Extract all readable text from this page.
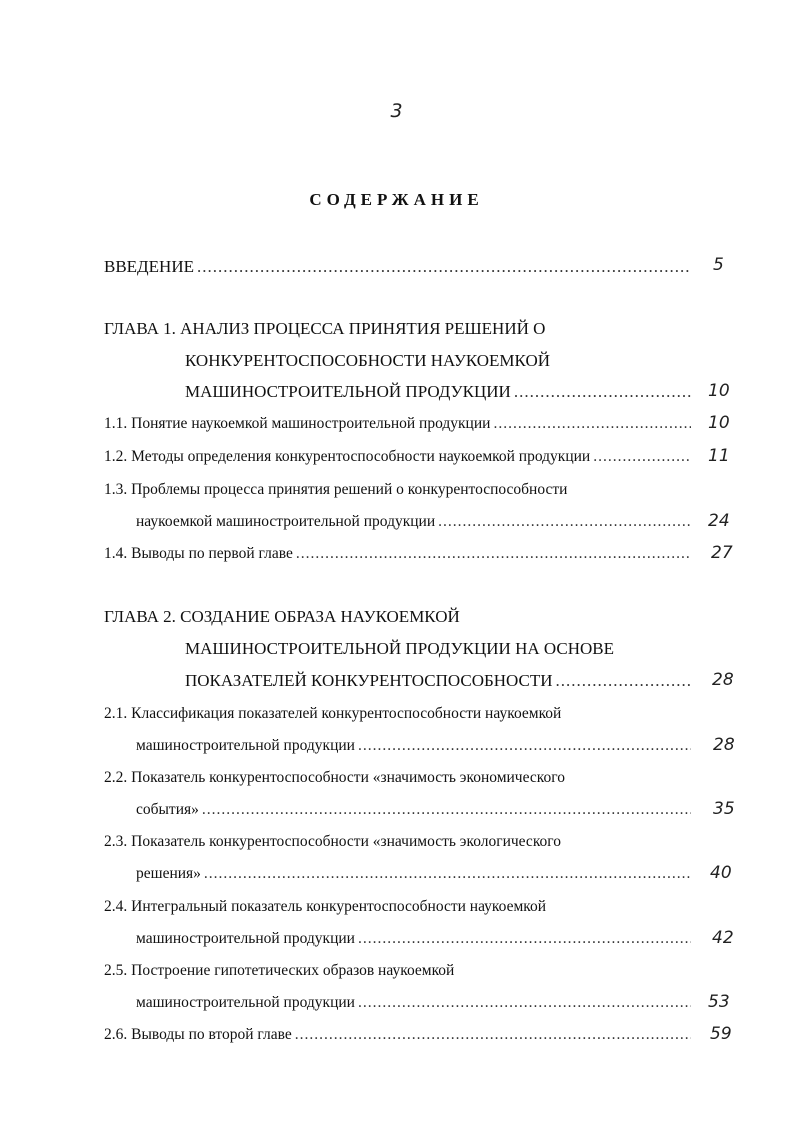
3
СОДЕРЖАНИЕ
ВВЕДЕНИЕ .....	5
ГЛАВА 1. АНАЛИЗ ПРОЦЕССА ПРИНЯТИЯ РЕШЕНИЙ О
КОНКУРЕНТОСПОСОБНОСТИ НАУКОЕМКОЙ
МАШИНОСТРОИТЕЛЬНОЙ ПРОДУКЦИИ .....	10
1.1. Понятие наукоемкой машиностроительной продукции .....	10
1.2. Методы определения конкурентоспособности наукоемкой продукции .....	11
1.3. Проблемы процесса принятия решений о конкурентоспособности
наукоемкой машиностроительной продукции .....	24
1.4. Выводы по первой главе .....	27
ГЛАВА 2. СОЗДАНИЕ ОБРАЗА НАУКОЕМКОЙ
МАШИНОСТРОИТЕЛЬНОЙ ПРОДУКЦИИ НА ОСНОВЕ
ПОКАЗАТЕЛЕЙ КОНКУРЕНТОСПОСОБНОСТИ .....	28
2.1. Классификация показателей конкурентоспособности наукоемкой
машиностроительной продукции .....	28
2.2. Показатель конкурентоспособности «значимость экономического
события» .....	35
2.3. Показатель конкурентоспособности «значимость экологического
решения» .....	40
2.4. Интегральный показатель конкурентоспособности наукоемкой
машиностроительной продукции .....	42
2.5. Построение гипотетических образов наукоемкой
машиностроительной продукции .....	53
2.6. Выводы по второй главе .....	59
